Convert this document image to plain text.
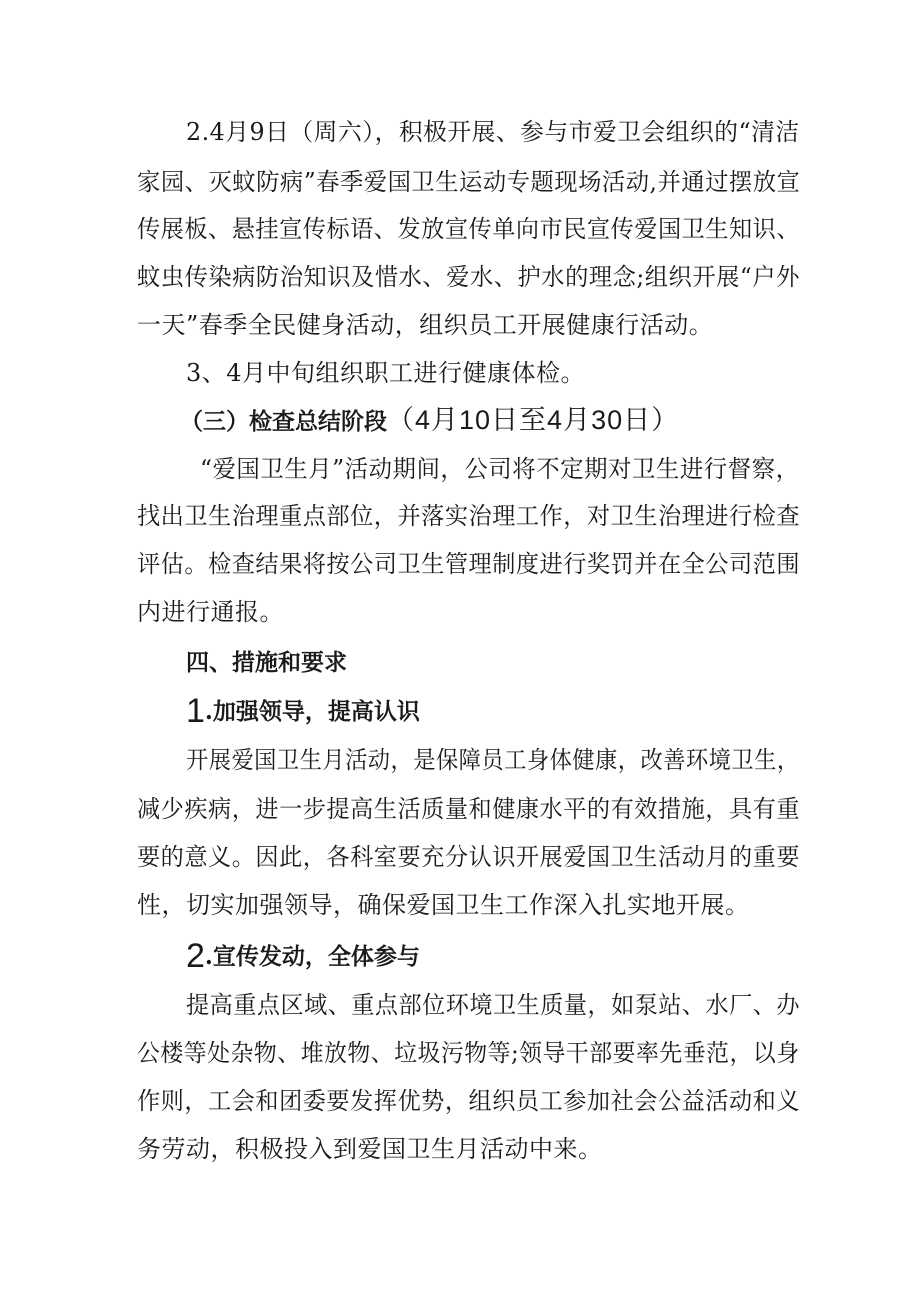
2.4月9日（周六），积极开展、参与市爱卫会组织的“清洁
家园、灭蚊防病”春季爱国卫生运动专题现场活动,并通过摆放宣
传展板、悬挂宣传标语、发放宣传单向市民宣传爱国卫生知识、
蚊虫传染病防治知识及惜水、爱水、护水的理念;组织开展“户外
一天”春季全民健身活动，组织员工开展健康行活动。
3、4月中旬组织职工进行健康体检。
（三）检查总结阶段（4月10日至4月30日）
“爱国卫生月”活动期间，公司将不定期对卫生进行督察，
找出卫生治理重点部位，并落实治理工作，对卫生治理进行检查
评估。检查结果将按公司卫生管理制度进行奖罚并在全公司范围
内进行通报。
四、措施和要求
1.加强领导，提高认识
开展爱国卫生月活动，是保障员工身体健康，改善环境卫生，
减少疾病，进一步提高生活质量和健康水平的有效措施，具有重
要的意义。因此，各科室要充分认识开展爱国卫生活动月的重要
性，切实加强领导，确保爱国卫生工作深入扎实地开展。
2.宣传发动，全体参与
提高重点区域、重点部位环境卫生质量，如泵站、水厂、办
公楼等处杂物、堆放物、垃圾污物等;领导干部要率先垂范，以身
作则，工会和团委要发挥优势，组织员工参加社会公益活动和义
务劳动，积极投入到爱国卫生月活动中来。
